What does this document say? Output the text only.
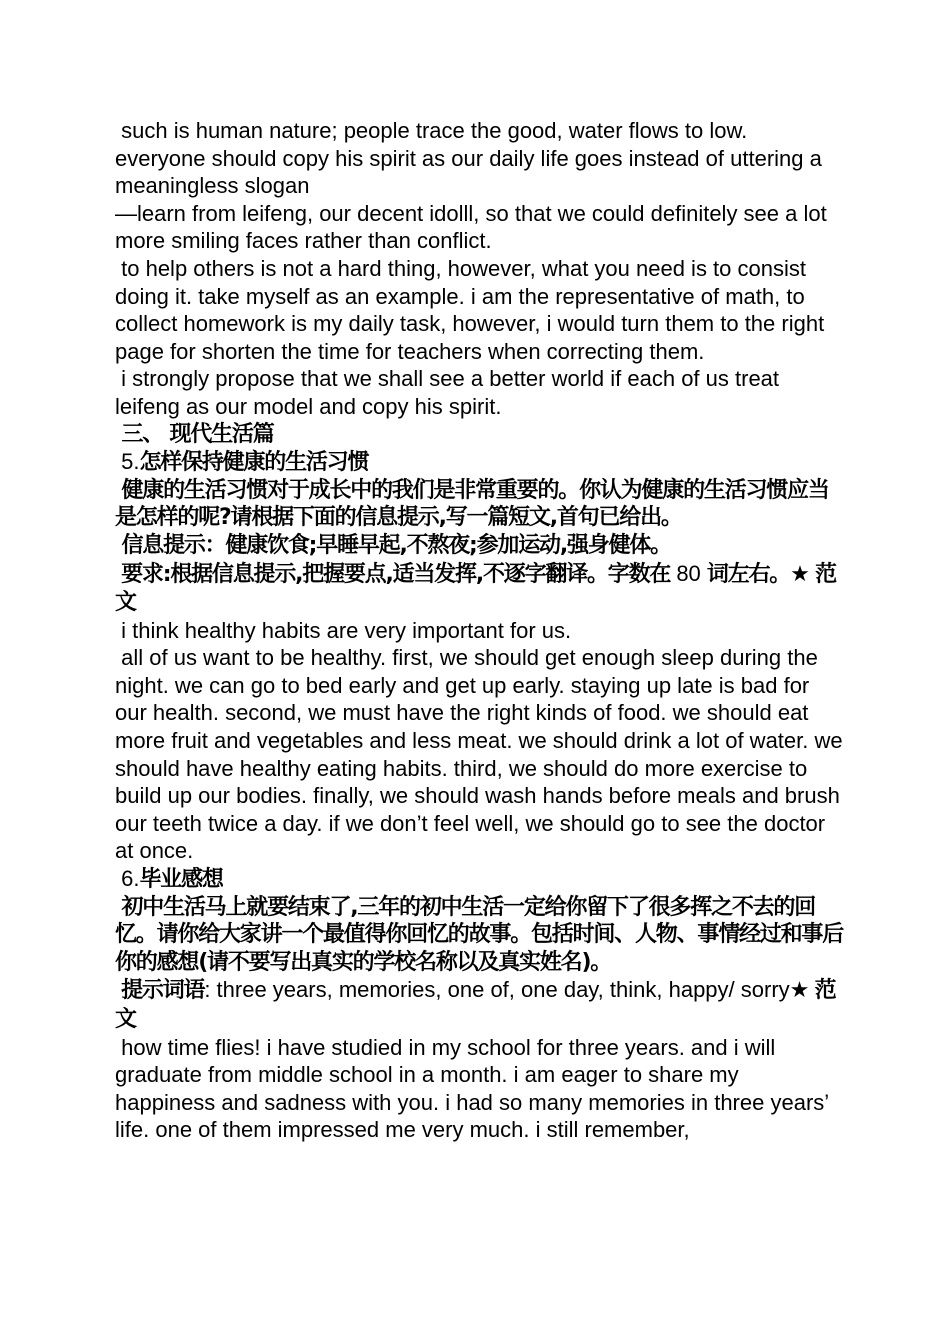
such is human nature; people trace the good, water flows to low. everyone should copy his spirit as our daily life goes instead of uttering a meaningless slogan

—learn from leifeng, our decent idolll, so that we could definitely see a lot more smiling faces rather than conflict.

to help others is not a hard thing, however, what you need is to consist doing it. take myself as an example. i am the representative of math, to collect homework is my daily task, however, i would turn them to the right page for shorten the time for teachers when correcting them.

i strongly propose that we shall see a better world if each of us treat leifeng as our model and copy his spirit.

三、 现代生活篇

5.怎样保持健康的生活习惯

健康的生活习惯对于成长中的我们是非常重要的。你认为健康的生活习惯应当是怎样的呢?请根据下面的信息提示,写一篇短文,首句已给出。

信息提示：健康饮食;早睡早起,不熬夜;参加运动,强身健体。

要求:根据信息提示,把握要点,适当发挥,不逐字翻译。字数在 80 词左右。★ 范文

i think healthy habits are very important for us.

all of us want to be healthy. first, we should get enough sleep during the night. we can go to bed early and get up early. staying up late is bad for our health. second, we must have the right kinds of food. we should eat more fruit and vegetables and less meat. we should drink a lot of water. we should have healthy eating habits. third, we should do more exercise to build up our bodies. finally, we should wash hands before meals and brush our teeth twice a day. if we don’t feel well, we should go to see the doctor at once.

6.毕业感想

初中生活马上就要结束了,三年的初中生活一定给你留下了很多挥之不去的回忆。请你给大家讲一个最值得你回忆的故事。包括时间、人物、事情经过和事后你的感想(请不要写出真实的学校名称以及真实姓名)。

提示词语: three years, memories, one of, one day, think, happy/ sorry★ 范文

how time flies! i have studied in my school for three years. and i will graduate from middle school in a month. i am eager to share my happiness and sadness with you. i had so many memories in three years’ life. one of them impressed me very much. i still remember,
